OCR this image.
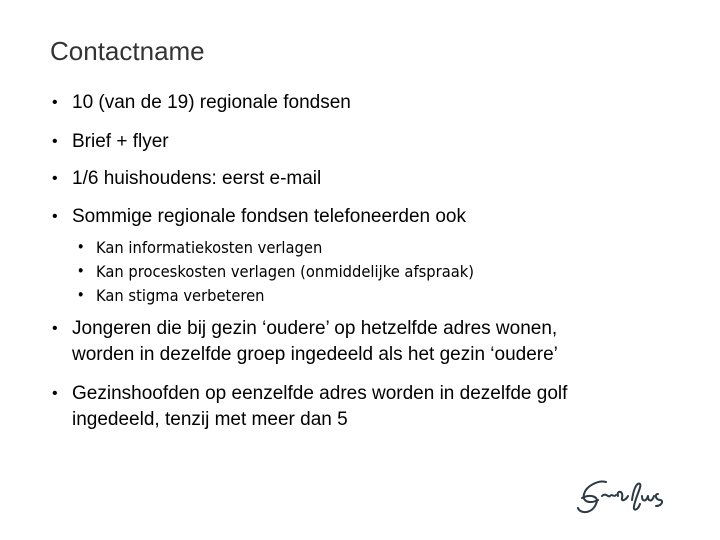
Contactname
• 10 (van de 19) regionale fondsen
• Brief + flyer
• 1/6 huishoudens: eerst e-mail
• Sommige regionale fondsen telefoneerden ook
• Kan informatiekosten verlagen
• Kan proceskosten verlagen (onmiddelijke afspraak)
• Kan stigma verbeteren
• Jongeren die bij gezin ‘oudere’ op hetzelfde adres wonen,
worden in dezelfde groep ingedeeld als het gezin ‘oudere’
• Gezinshoofden op eenzelfde adres worden in dezelfde golf
ingedeeld, tenzij met meer dan 5
